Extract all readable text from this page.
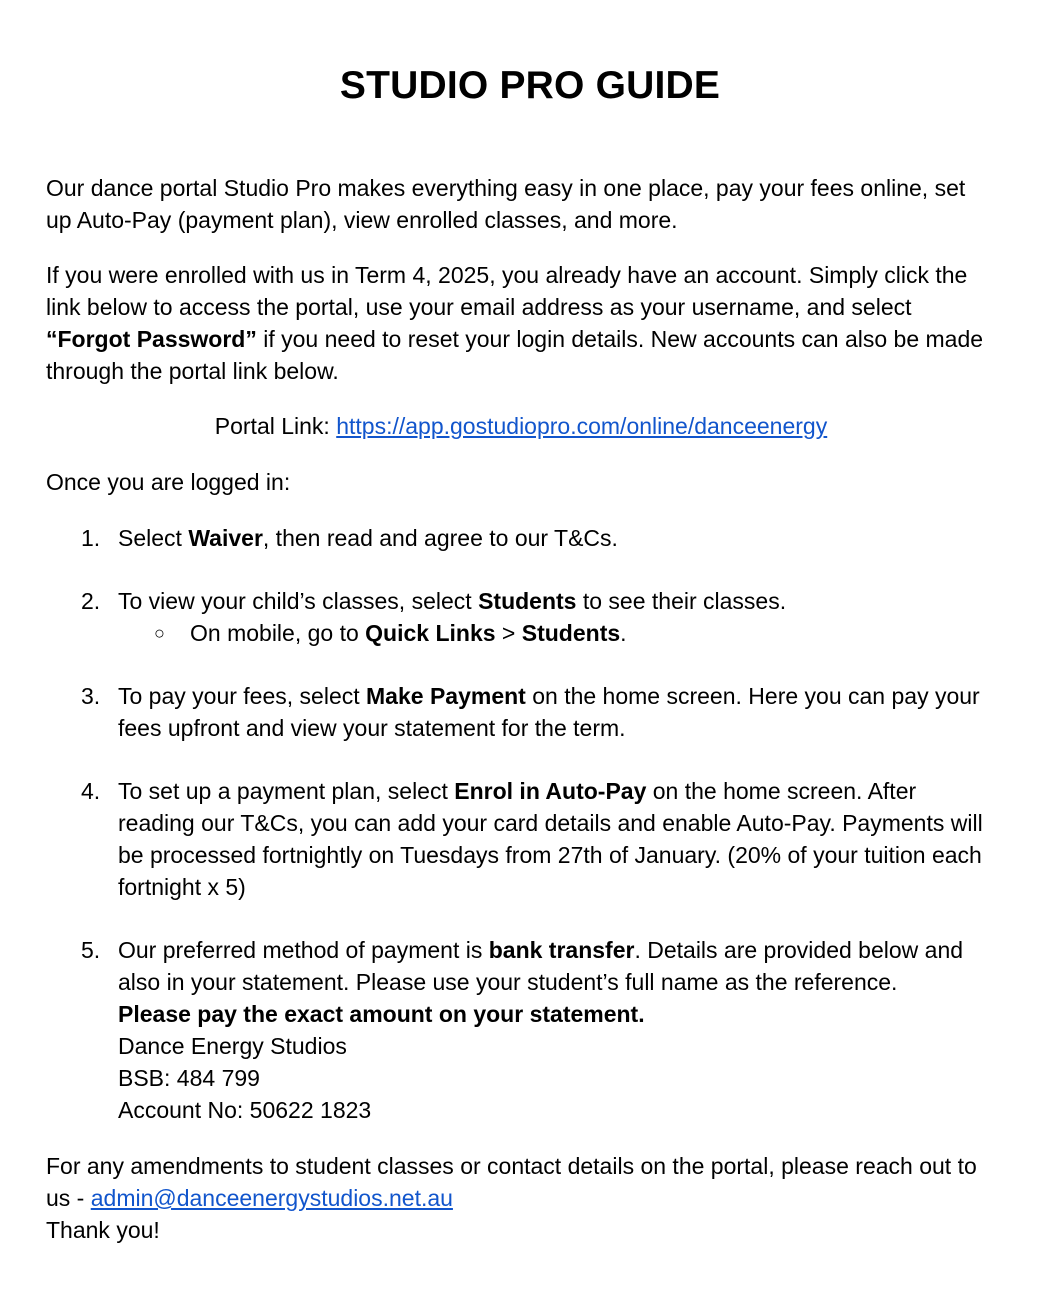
STUDIO PRO GUIDE

Our dance portal Studio Pro makes everything easy in one place, pay your fees online, set up Auto-Pay (payment plan), view enrolled classes, and more.

If you were enrolled with us in Term 4, 2025, you already have an account. Simply click the link below to access the portal, use your email address as your username, and select “Forgot Password” if you need to reset your login details. New accounts can also be made through the portal link below.

Portal Link: https://app.gostudiopro.com/online/danceenergy

Once you are logged in:

1. Select Waiver, then read and agree to our T&Cs.
2. To view your child’s classes, select Students to see their classes.
○ On mobile, go to Quick Links > Students.
3. To pay your fees, select Make Payment on the home screen. Here you can pay your fees upfront and view your statement for the term.
4. To set up a payment plan, select Enrol in Auto-Pay on the home screen. After reading our T&Cs, you can add your card details and enable Auto-Pay. Payments will be processed fortnightly on Tuesdays from 27th of January. (20% of your tuition each fortnight x 5)
5. Our preferred method of payment is bank transfer. Details are provided below and also in your statement. Please use your student’s full name as the reference.
Please pay the exact amount on your statement.
Dance Energy Studios
BSB: 484 799
Account No: 50622 1823

For any amendments to student classes or contact details on the portal, please reach out to us - admin@danceenergystudios.net.au
Thank you!
